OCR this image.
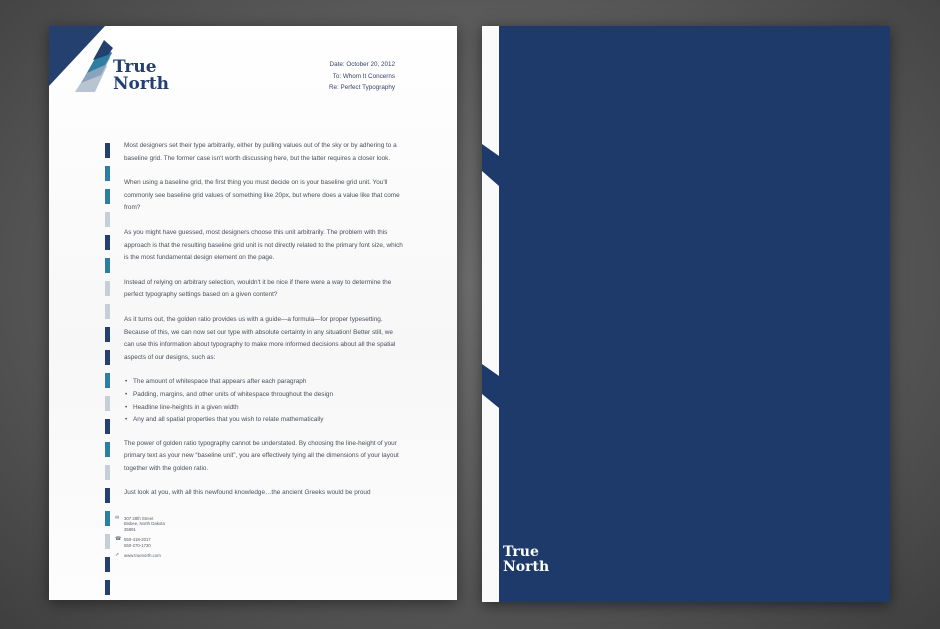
True
North
Date: October 20, 2012
To: Whom It Concerns
Re: Perfect Typography

Most designers set their type arbitrarily, either by pulling values out of the sky or by adhering to a baseline grid. The former case isn't worth discussing here, but the latter requires a closer look.

When using a baseline grid, the first thing you must decide on is your baseline grid unit. You'll commonly see baseline grid values of something like 20px, but where does a value like that come from?

As you might have guessed, most designers choose this unit arbitrarily. The problem with this approach is that the resulting baseline grid unit is not directly related to the primary font size, which is the most fundamental design element on the page.

Instead of relying on arbitrary selection, wouldn't it be nice if there were a way to determine the perfect typography settings based on a given content?

As it turns out, the golden ratio provides us with a guide—a formula—for proper typesetting. Because of this, we can now set our type with absolute certainty in any situation! Better still, we can use this information about typography to make more informed decisions about all the spatial aspects of our designs, such as:

• The amount of whitespace that appears after each paragraph
• Padding, margins, and other units of whitespace throughout the design
• Headline line-heights in a given width
• Any and all spatial properties that you wish to relate mathematically

The power of golden ratio typography cannot be understated. By choosing the line-height of your primary text as your new “baseline unit”, you are effectively tying all the dimensions of your layout together with the golden ratio.

Just look at you, with all this newfound knowledge…the ancient Greeks would be proud

✉ 307 28th Street
Bisbee, North Dakota
35891
☎ 550-418-2017
550-270-1730
➚ www.truenorth.com	True
North
